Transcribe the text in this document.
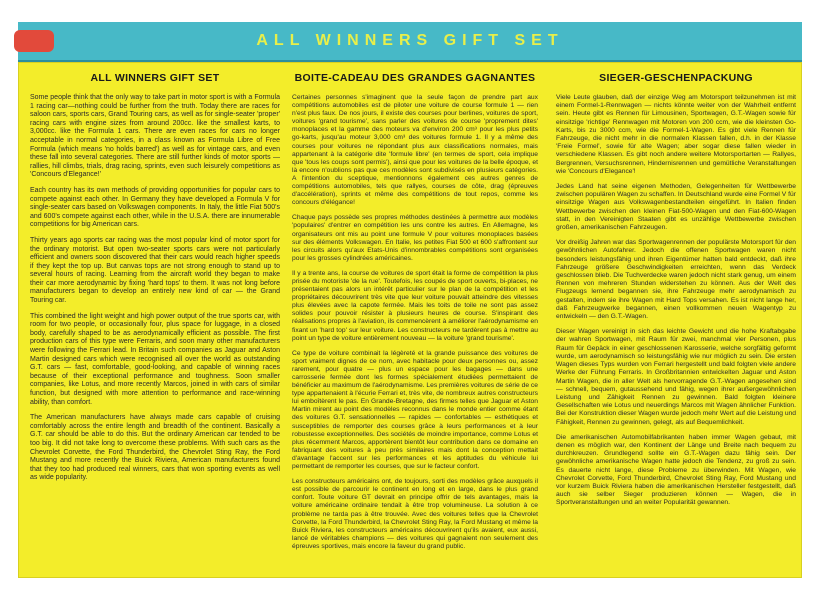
ALL WINNERS GIFT SET
ALL WINNERS GIFT SET

Some people think that the only way to take part in motor sport is with a Formula 1 racing car—nothing could be further from the truth. Today there are races for saloon cars, sports cars, Grand Touring cars, as well as for single-seater 'proper' racing cars with engine sizes from around 200cc. like the smallest karts, to 3,000cc. like the Formula 1 cars. There are even races for cars no longer acceptable in normal categories, in a class known as Formula Libre of Free Formula (which means 'no holds barred') as well as for vintage cars, and even these fall into several categories. There are still further kinds of motor sports — rallies, hill climbs, trials, drag racing, sprints, even such leisurely competitions as 'Concours d'Elegance!'

Each country has its own methods of providing opportunities for popular cars to compete against each other. In Germany they have developed a Formula V for single-seater cars based on Volkswagen components. In Italy, the little Fiat 500's and 600's compete against each other, while in the U.S.A. there are innumerable competitions for big American cars.

Thirty years ago sports car racing was the most popular kind of motor sport for the ordinary motorist. But open two-seater sports cars were not particularly efficient and owners soon discovered that their cars would reach higher speeds if they kept the top up. But canvas tops are not strong enough to stand up to several hours of racing. Learning from the aircraft world they began to make their car more aerodynamic by fixing 'hard tops' to them. It was not long before manufacturers began to develop an entirely new kind of car — the Grand Touring car.

This combined the light weight and high power output of the true sports car, with room for two people, or occasionally four, plus space for luggage, in a closed body, carefully shaped to be as aerodynamically efficient as possible. The first production cars of this type were Ferraris, and soon many other manufacturers were following the Ferrari lead. In Britain such companies as Jaguar and Aston Martin designed cars which were recognised all over the world as outstanding G.T. cars — fast, comfortable, good-looking, and capable of winning races because of their exceptional performance and toughness. Soon smaller companies, like Lotus, and more recently Marcos, joined in with cars of similar function, but designed with more attention to performance and race-winning ability, than comfort.

The American manufacturers have always made cars capable of cruising comfortably across the entire length and breadth of the continent. Basically a G.T. car should be able to do this. But the ordinary American car tended to be too big. It did not take long to overcome these problems. With such cars as the Chevrolet Corvette, the Ford Thunderbird, the Chevrolet Sting Ray, the Ford Mustang and more recently the Buick Riviera, American manufacturers found that they too had produced real winners, cars that won sporting events as well as wide popularity.

BOITE-CADEAU DES GRANDES GAGNANTES

Certaines personnes s'imaginent que la seule façon de prendre part aux compétitions automobiles est de piloter une voiture de course formule 1 — rien n'est plus faux. De nos jours, il existe des courses pour berlines, voitures de sport, voitures 'grand tourisme', sans parler des voitures de course 'proprement dites' monoplaces et la gamme des moteurs va d'environ 200 cm³ pour les plus petits go-karts, jusqu'au moteur 3,000 cm³ des voitures formule 1. Il y a même des courses pour voitures ne répondant plus aux classifications normales, mais appartenant à la catégorie dite 'formule libre' (en termes de sport, cela implique que 'tous les coups sont permis'), ainsi que pour les voitures de la belle époque, et là encore n'oublions pas que ces modèles sont subdivisés en plusieurs catégories. A l'intention du sceptique, mentionnons également ces autres genres de compétitions automobiles, tels que rallyes, courses de côte, drag (épreuves d'accélération), sprints et même des compétitions de tout repos, comme les concours d'élégance!

Chaque pays possède ses propres méthodes destinées à permettre aux modèles 'populaires' d'entrer en compétition les uns contre les autres. En Allemagne, les organisateurs ont mis au point une formule V pour voitures monoplaces basées sur des éléments Volkswagen. En Italie, les petites Fiat 500 et 600 s'affrontent sur les circuits alors qu'aux Etats-Unis d'innombrables compétitions sont organisées pour les grosses cylindrées américaines.

Il y a trente ans, la course de voitures de sport était la forme de compétition la plus prisée du motoriste 'de la rue'. Toutefois, les coupés de sport ouverts, bi-places, ne présentaient pas alors un intérêt particulier sur le plan de la compétition et les propriétaires découvrirent très vite que leur voiture pouvait atteindre des vitesses plus élevées avec la capote fermée. Mais les toits de toile ne sont pas assez solides pour pouvoir résister à plusieurs heures de course. S'inspirant des réalisations propres à l'aviation, ils commencèrent à améliorer l'aérodynamisme en fixant un 'hard top' sur leur voiture. Les constructeurs ne tardèrent pas à mettre au point un type de voiture entièrement nouveau — la voiture 'grand tourisme'.

Ce type de voiture combinait la légèreté et la grande puissance des voitures de sport vraiment dignes de ce nom, avec habitacle pour deux personnes ou, assez rarement, pour quatre — plus un espace pour les bagages — dans une carrosserie fermée dont les formes spécialement étudiées permettaient de bénéficier au maximum de l'aérodynamisme. Les premières voitures de série de ce type appartenaient à l'écurie Ferrari et, très vite, de nombreux autres constructeurs lui emboîtèrent le pas. En Grande-Bretagne, des firmes telles que Jaguar et Aston Martin mirent au point des modèles reconnus dans le monde entier comme étant des voitures G.T. sensationnelles — rapides — confortables — esthétiques et susceptibles de remporter des courses grâce à leurs performances et à leur robustesse exceptionnelles. Des sociétés de moindre importance, comme Lotus et plus récemment Marcos, apportèrent bientôt leur contribution dans ce domaine en fabriquant des voitures à peu près similaires mais dont la conception mettait d'avantage l'accent sur les performances et les aptitudes du véhicule lui permettant de remporter les courses, que sur le facteur confort.

Les constructeurs américains ont, de toujours, sorti des modèles grâce auxquels il est possible de parcourir le continent en long et en large, dans le plus grand confort. Toute voiture GT devrait en principe offrir de tels avantages, mais la voiture américaine ordinaire tendait à être trop volumineuse. La solution à ce problème ne tarda pas à être trouvée. Avec des voitures telles que la Chevrolet Corvette, la Ford Thunderbird, la Chevrolet Sting Ray, la Ford Mustang et même la Buick Riviera, les constructeurs américains découvrirent qu'ils avaient, eux aussi, lancé de véritables champions — des voitures qui gagnaient non seulement des épreuves sportives, mais encore la faveur du grand public.

SIEGER-GESCHENPACKUNG

Viele Leute glauben, daß der einzige Weg am Motorsport teilzunehmen ist mit einem Formel-1-Rennwagen — nichts könnte weiter von der Wahrheit entfernt sein. Heute gibt es Rennen für Limousinen, Sportwagen, G.T.-Wagen sowie für einsitzige 'richtige' Rennwagen mit Motoren von 200 ccm, wie die kleinsten Go-Karts, bis zu 3000 ccm, wie die Formel-1-Wagen. Es gibt viele Rennen für Fahrzeuge, die nicht mehr in die normalen Klassen fallen, d.h. in der Klasse 'Freie Formel', sowie für alte Wagen; aber sogar diese fallen wieder in verschiedene Klassen. Es gibt noch andere weitere Motorsportarten — Rallyes, Bergrennen, Versuchsrennen, Hindernisrennen und gemütliche Veranstaltungen wie 'Concours d'Elegance'!

Jedes Land hat seine eigenen Methoden, Gelegenheiten für Wettbewerbe zwischen populären Wagen zu schaffen. In Deutschland wurde eine Formel V für einsitzige Wagen aus Volkswagenbestandteilen eingeführt. In Italien finden Wettbewerbe zwischen den kleinen Fiat-500-Wagen und den Fiat-600-Wagen statt, in den Vereinigten Staaten gibt es unzählige Wettbewerbe zwischen großen, amerikanischen Fahrzeugen.

Vor dreißig Jahren war das Sportwagenrennen der populärste Motorsport für den gewöhnlichen Autofahrer. Jedoch die offenen Sportwagen waren nicht besonders leistungsfähig und ihren Eigentümer hatten bald entdeckt, daß ihre Fahrzeuge größere Geschwindigkeiten erreichten, wenn das Verdeck geschlossen blieb. Die Tuchverdecke waren jedoch nicht stark genug, um einem Rennen von mehreren Stunden widerstehen zu können. Aus der Welt des Flugzeugs lernend begannen sie, ihre Fahrzeuge mehr aerodynamisch zu gestalten, indem sie ihre Wagen mit Hard Tops versahen. Es ist nicht lange her, daß Fahrzeugwerke begannen, einen vollkommen neuen Wagentyp zu entwickeln — den G.T.-Wagen.

Dieser Wagen vereinigt in sich das leichte Gewicht und die hohe Kraftabgabe der wahren Sportwagen, mit Raum für zwei, manchmal vier Personen, plus Raum für Gepäck in einer geschlossenen Karosserie, welche sorgfältig geformt wurde, um aerodynamisch so leistungsfähig wie nur möglich zu sein. Die ersten Wagen dieses Typs wurden von Ferrari hergestellt und bald folgten viele andere Werke der Führung Ferraris. In Großbritannien entwickelten Jaguar und Aston Martin Wagen, die in aller Welt als hervorragende G.T.-Wagen angesehen sind — schnell, bequem, gutaussehend und fähig, wegen ihrer außergewöhnlichen Leistung und Zähigkeit Rennen zu gewinnen. Bald folgten kleinere Gesellschaften wie Lotus und neuerdings Marcos mit Wagen ähnlicher Funktion. Bei der Konstruktion dieser Wagen wurde jedoch mehr Wert auf die Leistung und Fähigkeit, Rennen zu gewinnen, gelegt, als auf Bequemlichkeit.

Die amerikanischen Automobilfabrikanten haben immer Wagen gebaut, mit denen es möglich war, den Kontinent der Länge und Breite nach bequem zu durchkreuzen. Grundlegend sollte ein G.T.-Wagen dazu fähig sein. Der gewöhnliche amerikanische Wagen hatte jedoch die Tendenz, zu groß zu sein. Es dauerte nicht lange, diese Probleme zu überwinden. Mit Wagen, wie Chevrolet Corvette, Ford Thunderbird, Chevrolet Sting Ray, Ford Mustang und vor kurzem Buick Riviera haben die amerikanischen Hersteller festgestellt, daß auch sie selber Sieger produzieren können — Wagen, die in Sportveranstaltungen und an weiter Popularität gewannen.
